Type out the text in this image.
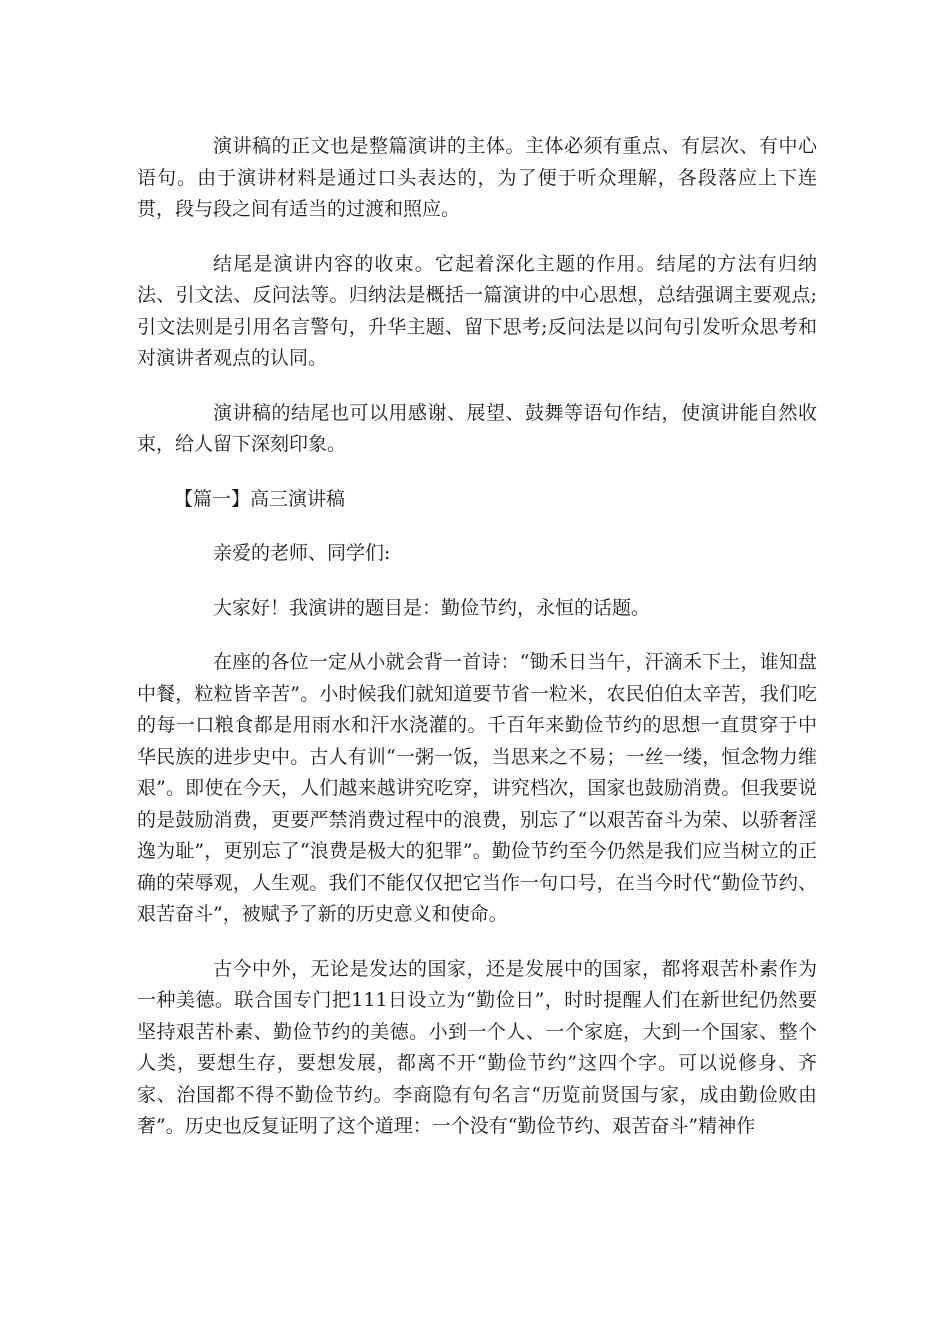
演讲稿的正文也是整篇演讲的主体。主体必须有重点、有层次、有中心语句。由于演讲材料是通过口头表达的，为了便于听众理解，各段落应上下连贯，段与段之间有适当的过渡和照应。

结尾是演讲内容的收束。它起着深化主题的作用。结尾的方法有归纳法、引文法、反问法等。归纳法是概括一篇演讲的中心思想，总结强调主要观点;引文法则是引用名言警句，升华主题、留下思考;反问法是以问句引发听众思考和对演讲者观点的认同。

演讲稿的结尾也可以用感谢、展望、鼓舞等语句作结，使演讲能自然收束，给人留下深刻印象。

【篇一】高三演讲稿

亲爱的老师、同学们:

大家好！我演讲的题目是：勤俭节约，永恒的话题。

在座的各位一定从小就会背一首诗：“锄禾日当午，汗滴禾下土，谁知盘中餐，粒粒皆辛苦”。小时候我们就知道要节省一粒米，农民伯伯太辛苦，我们吃的每一口粮食都是用雨水和汗水浇灌的。千百年来勤俭节约的思想一直贯穿于中华民族的进步史中。古人有训“一粥一饭，当思来之不易；一丝一缕，恒念物力维艰”。即使在今天，人们越来越讲究吃穿，讲究档次，国家也鼓励消费。但我要说的是鼓励消费，更要严禁消费过程中的浪费，别忘了“以艰苦奋斗为荣、以骄奢淫逸为耻”，更别忘了“浪费是极大的犯罪”。勤俭节约至今仍然是我们应当树立的正确的荣辱观，人生观。我们不能仅仅把它当作一句口号，在当今时代“勤俭节约、艰苦奋斗”，被赋予了新的历史意义和使命。

古今中外，无论是发达的国家，还是发展中的国家，都将艰苦朴素作为一种美德。联合国专门把111日设立为“勤俭日”，时时提醒人们在新世纪仍然要坚持艰苦朴素、勤俭节约的美德。小到一个人、一个家庭，大到一个国家、整个人类，要想生存，要想发展，都离不开“勤俭节约”这四个字。可以说修身、齐家、治国都不得不勤俭节约。李商隐有句名言“历览前贤国与家，成由勤俭败由奢”。历史也反复证明了这个道理：一个没有“勤俭节约、艰苦奋斗”精神作
